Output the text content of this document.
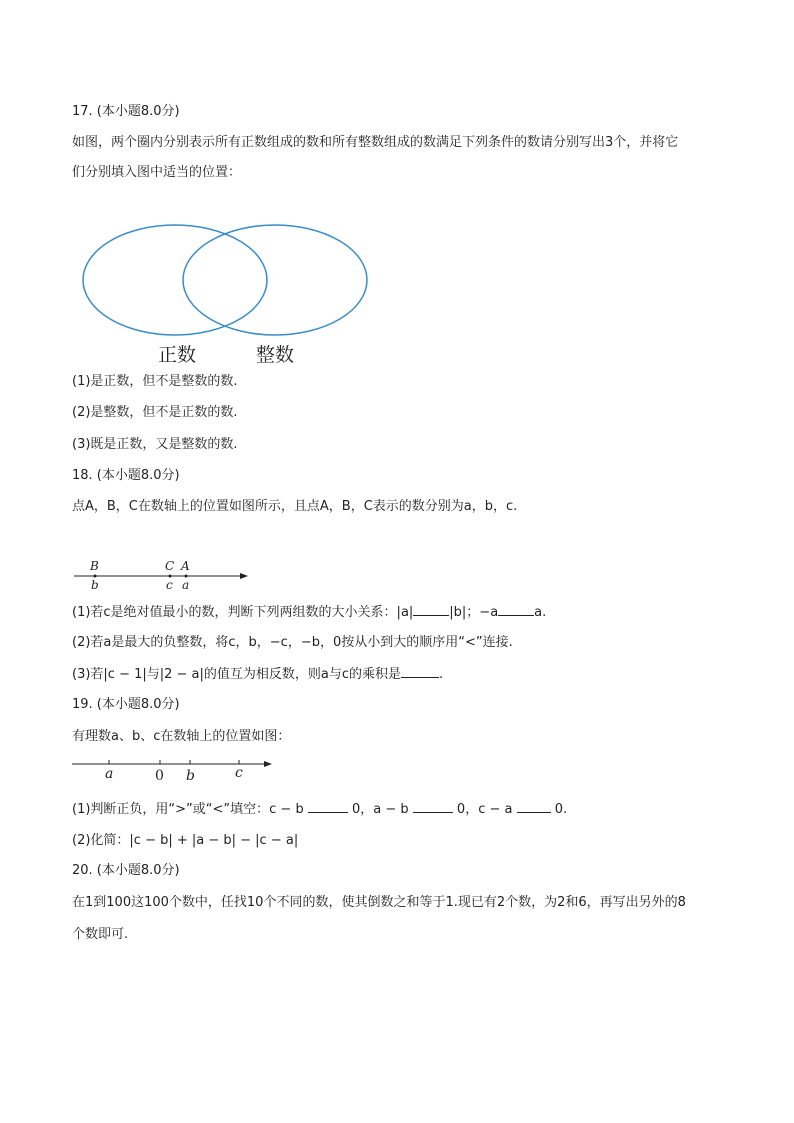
17. (本小题8.0分)
如图，两个圈内分别表示所有正数组成的数和所有整数组成的数满足下列条件的数请分别写出3个，并将它
们分别填入图中适当的位置：
正数	整数
(1)是正数，但不是整数的数.
(2)是整数，但不是正数的数.
(3)既是正数，又是整数的数.
18. (本小题8.0分)
点A，B，C在数轴上的位置如图所示，且点A，B，C表示的数分别为a，b，c.
B	C A
b	c a
(1)若c是绝对值最小的数，判断下列两组数的大小关系：|a|	|b|；−a	a.
(2)若a是最大的负整数，将c，b，−c，−b，0按从小到大的顺序用“<”连接.
(3)若|c − 1|与|2 − a|的值互为相反数，则a与c的乘积是	.
19. (本小题8.0分)
有理数a、b、c在数轴上的位置如图：
a	0 b	c
(1)判断正负，用“>”或“<”填空：c − b	0，a − b	0，c − a	0.
(2)化简：|c − b| + |a − b| − |c − a|
20. (本小题8.0分)
在1到100这100个数中，任找10个不同的数，使其倒数之和等于1.现已有2个数，为2和6，再写出另外的8
个数即可.
